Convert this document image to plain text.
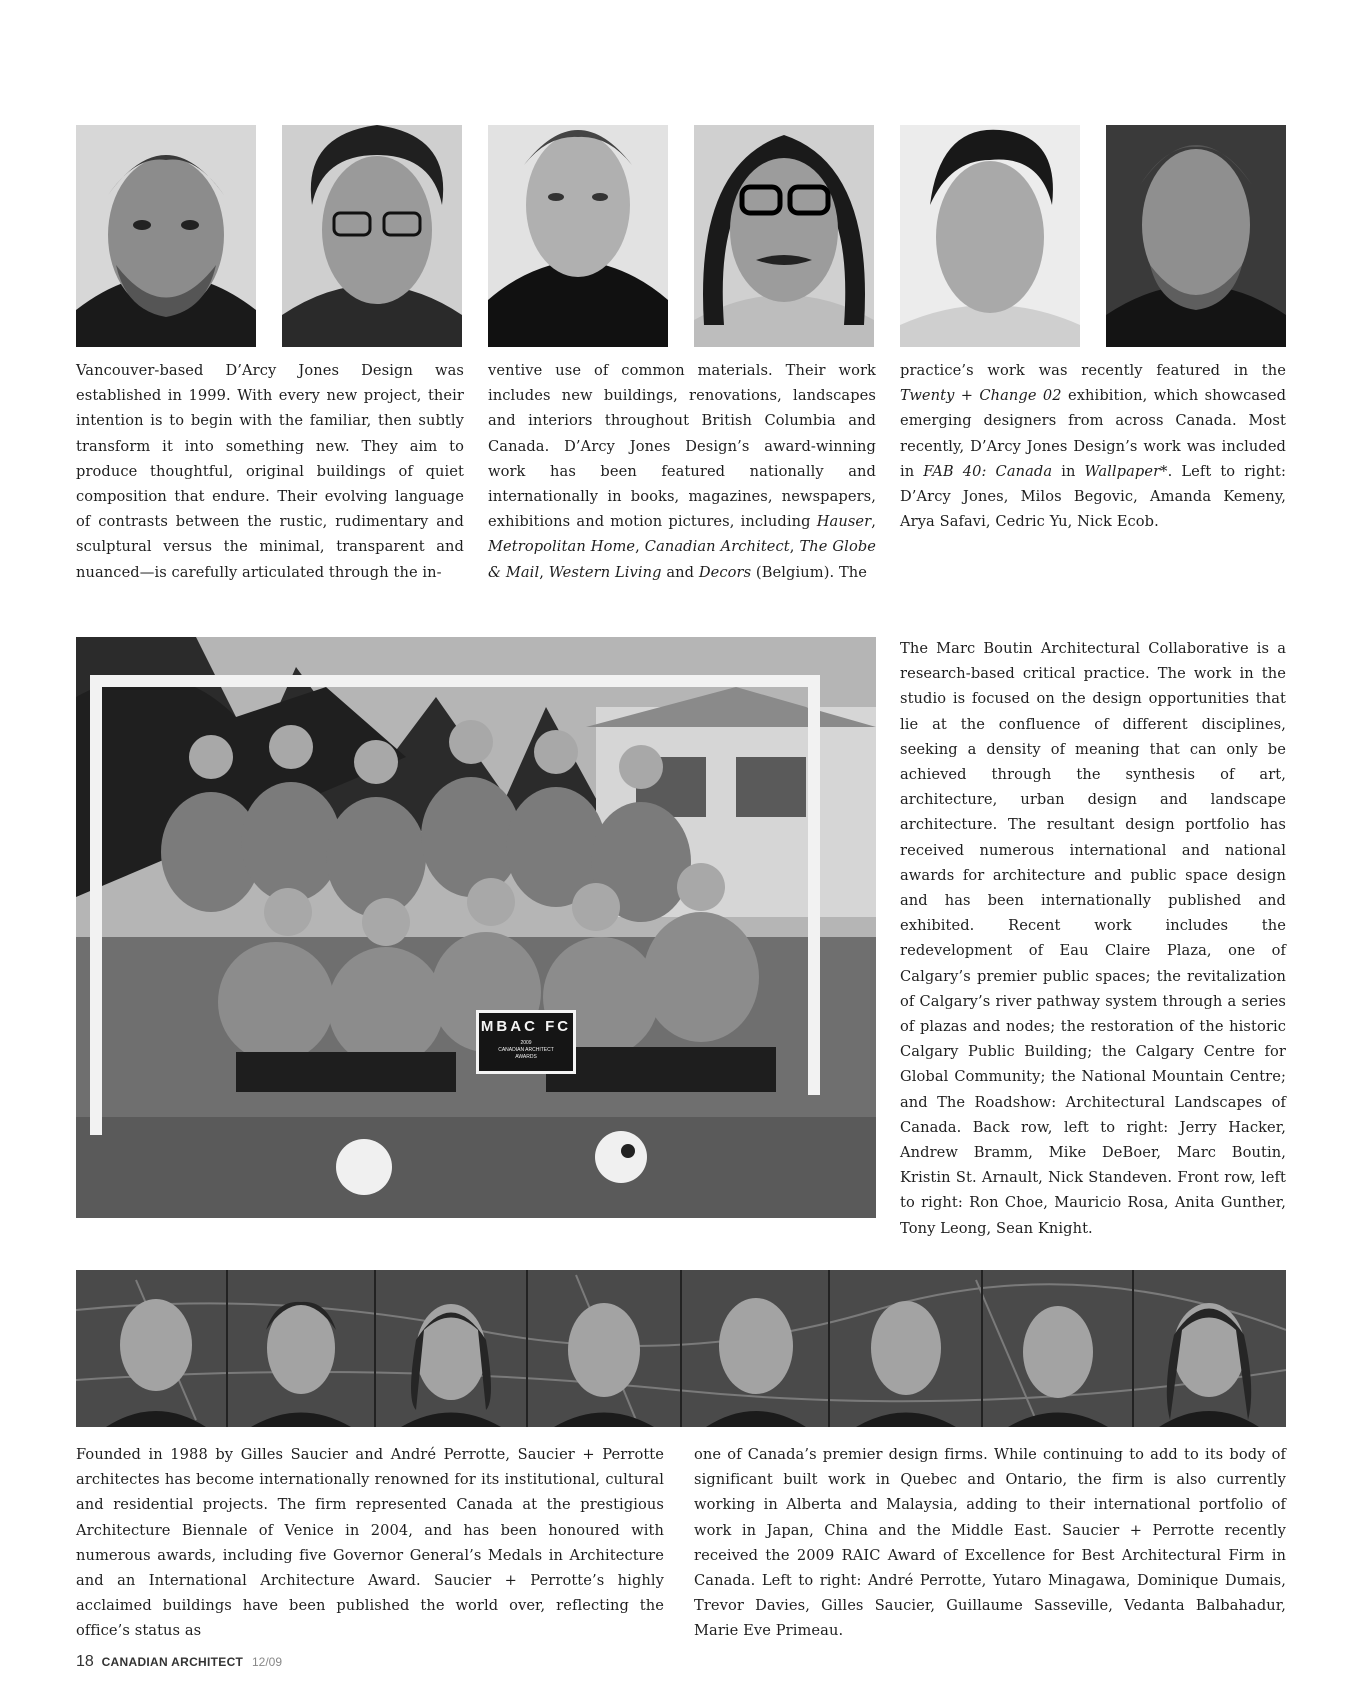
Vancouver-based D’Arcy Jones Design was established in 1999. With every new project, their intention is to begin with the familiar, then subtly transform it into something new. They aim to produce thoughtful, original buildings of quiet composition that endure. Their evolving language of contrasts between the rustic, rudimentary and sculptural versus the minimal, transparent and nuanced—is carefully articulated through the in-

ventive use of common materials. Their work includes new buildings, renovations, landscapes and interiors throughout British Columbia and Canada. D’Arcy Jones Design’s award-winning work has been featured nationally and internationally in books, magazines, newspapers, exhibitions and motion pictures, including Hauser, Metropolitan Home, Canadian Architect, The Globe & Mail, Western Living and Decors (Belgium). The

practice’s work was recently featured in the Twenty + Change 02 exhibition, which showcased emerging designers from across Canada. Most recently, D’Arcy Jones Design’s work was included in FAB 40: Canada in Wallpaper*. Left to right: D’Arcy Jones, Milos Begovic, Amanda Kemeny, Arya Safavi, Cedric Yu, Nick Ecob.

MBAC FC
2009
CANADIAN ARCHITECT
AWARDS

The Marc Boutin Architectural Collaborative is a research-based critical practice. The work in the studio is focused on the design opportunities that lie at the confluence of different disciplines, seeking a density of meaning that can only be achieved through the synthesis of art, architecture, urban design and landscape architecture. The resultant design portfolio has received numerous international and national awards for architecture and public space design and has been internationally published and exhibited. Recent work includes the redevelopment of Eau Claire Plaza, one of Calgary’s premier public spaces; the revitalization of Calgary’s river pathway system through a series of plazas and nodes; the restoration of the historic Calgary Public Building; the Calgary Centre for Global Community; the National Mountain Centre; and The Roadshow: Architectural Landscapes of Canada. Back row, left to right: Jerry Hacker, Andrew Bramm, Mike DeBoer, Marc Boutin, Kristin St. Arnault, Nick Standeven. Front row, left to right: Ron Choe, Mauricio Rosa, Anita Gunther, Tony Leong, Sean Knight.

Founded in 1988 by Gilles Saucier and André Perrotte, Saucier + Perrotte architectes has become internationally renowned for its institutional, cultural and residential projects. The firm represented Canada at the prestigious Architecture Biennale of Venice in 2004, and has been honoured with numerous awards, including five Governor General’s Medals in Architecture and an International Architecture Award. Saucier + Perrotte’s highly acclaimed buildings have been published the world over, reflecting the office’s status as

one of Canada’s premier design firms. While continuing to add to its body of significant built work in Quebec and Ontario, the firm is also currently working in Alberta and Malaysia, adding to their international portfolio of work in Japan, China and the Middle East. Saucier + Perrotte recently received the 2009 RAIC Award of Excellence for Best Architectural Firm in Canada. Left to right: André Perrotte, Yutaro Minagawa, Dominique Dumais, Trevor Davies, Gilles Saucier, Guillaume Sasseville, Vedanta Balbahadur, Marie Eve Primeau.

18 CANADIAN ARCHITECT 12/09
